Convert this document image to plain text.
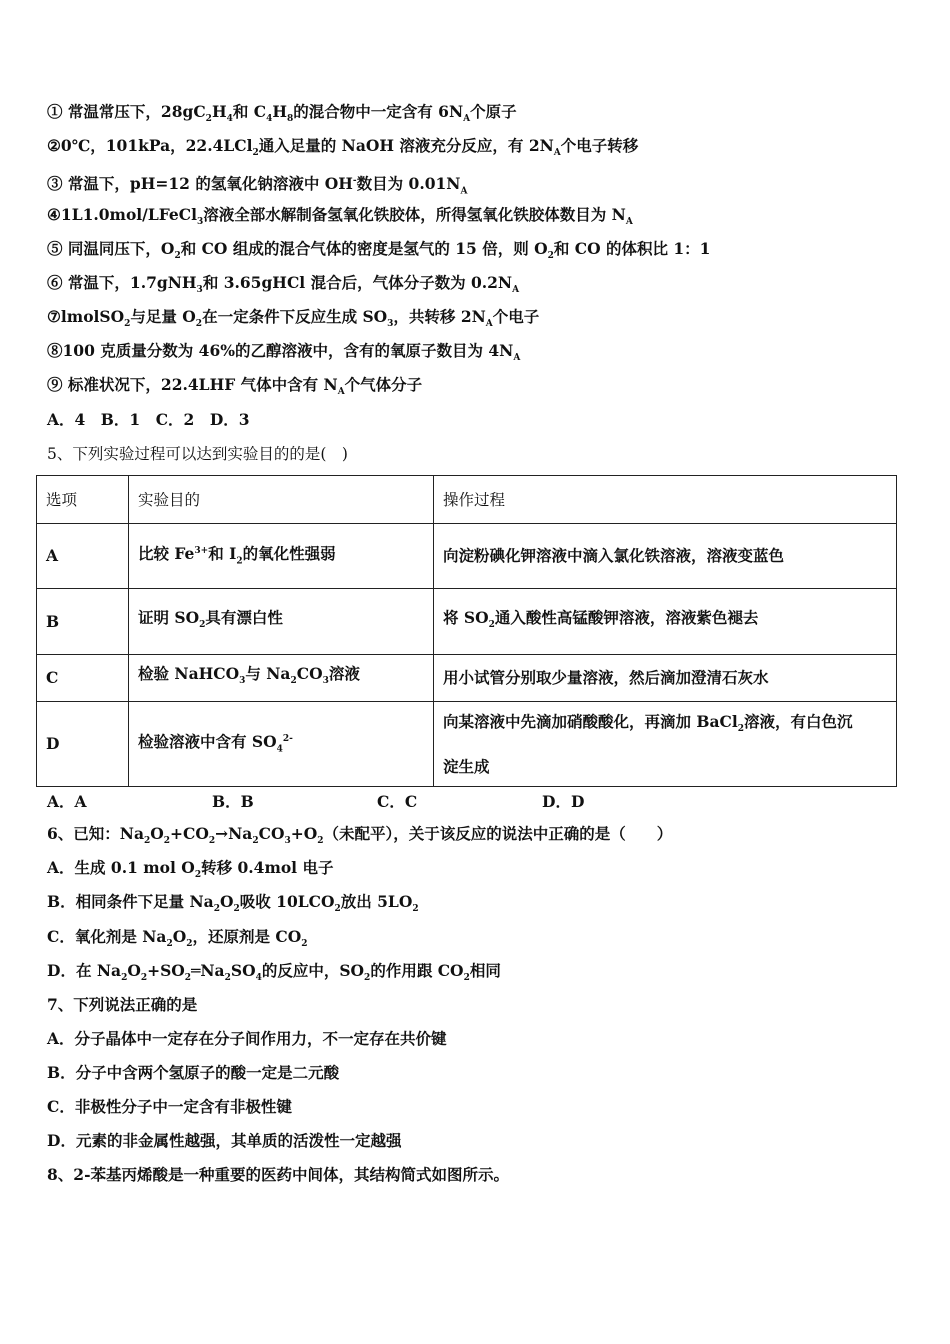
① 常温常压下，$28gC_2H_4$和 $C_4H_8$的混合物中一定含有 $6N_A$个原子
②0℃，101kPa，22.4LCl$_2$通入足量的 NaOH 溶液充分反应，有 $2N_A$个电子转移
③ 常温下，pH=12 的氢氧化钠溶液中 OH-数目为 $0.01N_A$
④1L1.0mol/LFeCl$_3$溶液全部水解制备氢氧化铁胶体，所得氢氧化铁胶体数目为 $N_A$
⑤ 同温同压下，$O_2$和 CO 组成的混合气体的密度是氢气的 15 倍，则 $O_2$和 CO 的体积比 1：1
⑥ 常温下，1.7gNH$_3$和 3.65gHCl 混合后，气体分子数为 $0.2N_A$
⑦lmolSO$_2$与足量 $O_2$在一定条件下反应生成 $SO_3$，共转移 $2N_A$个电子
⑧100 克质量分数为 46%的乙醇溶液中，含有的氧原子数目为 $4N_A$
⑨ 标准状况下，22.4LHF 气体中含有 $N_A$个气体分子
A．4　B．1　C．2　D．3
5、下列实验过程可以达到实验目的的是(　)
选项	实验目的	操作过程
A	比较 $Fe^{3+}$和 $I_2$的氧化性强弱	向淀粉碘化钾溶液中滴入氯化铁溶液，溶液变蓝色
B	证明 $SO_2$具有漂白性	将 $SO_2$通入酸性高锰酸钾溶液，溶液紫色褪去
C	检验 NaHCO$_3$与 $Na_2CO_3$溶液	用小试管分别取少量溶液，然后滴加澄清石灰水
D	检验溶液中含有 $SO_4^{2-}$	向某溶液中先滴加硝酸酸化，再滴加 BaCl$_2$溶液，有白色沉
淀生成
A．A	B．B	C．C	D．D
6、已知：$Na_2O_2+CO_2\to Na_2CO_3+O_2$（未配平），关于该反应的说法中正确的是（　　）
A．生成 0.1 mol $O_2$转移 0.4mol 电子
B．相同条件下足量 $Na_2O_2$吸收 $10LCO_2$放出 $5LO_2$
C．氧化剂是 $Na_2O_2$，还原剂是 $CO_2$
D．在 $Na_2O_2+SO_2═Na_2SO_4$的反应中，$SO_2$的作用跟 $CO_2$相同
7、下列说法正确的是
A．分子晶体中一定存在分子间作用力，不一定存在共价键
B．分子中含两个氢原子的酸一定是二元酸
C．非极性分子中一定含有非极性键
D．元素的非金属性越强，其单质的活泼性一定越强
8、2-苯基丙烯酸是一种重要的医药中间体，其结构简式如图所示。
